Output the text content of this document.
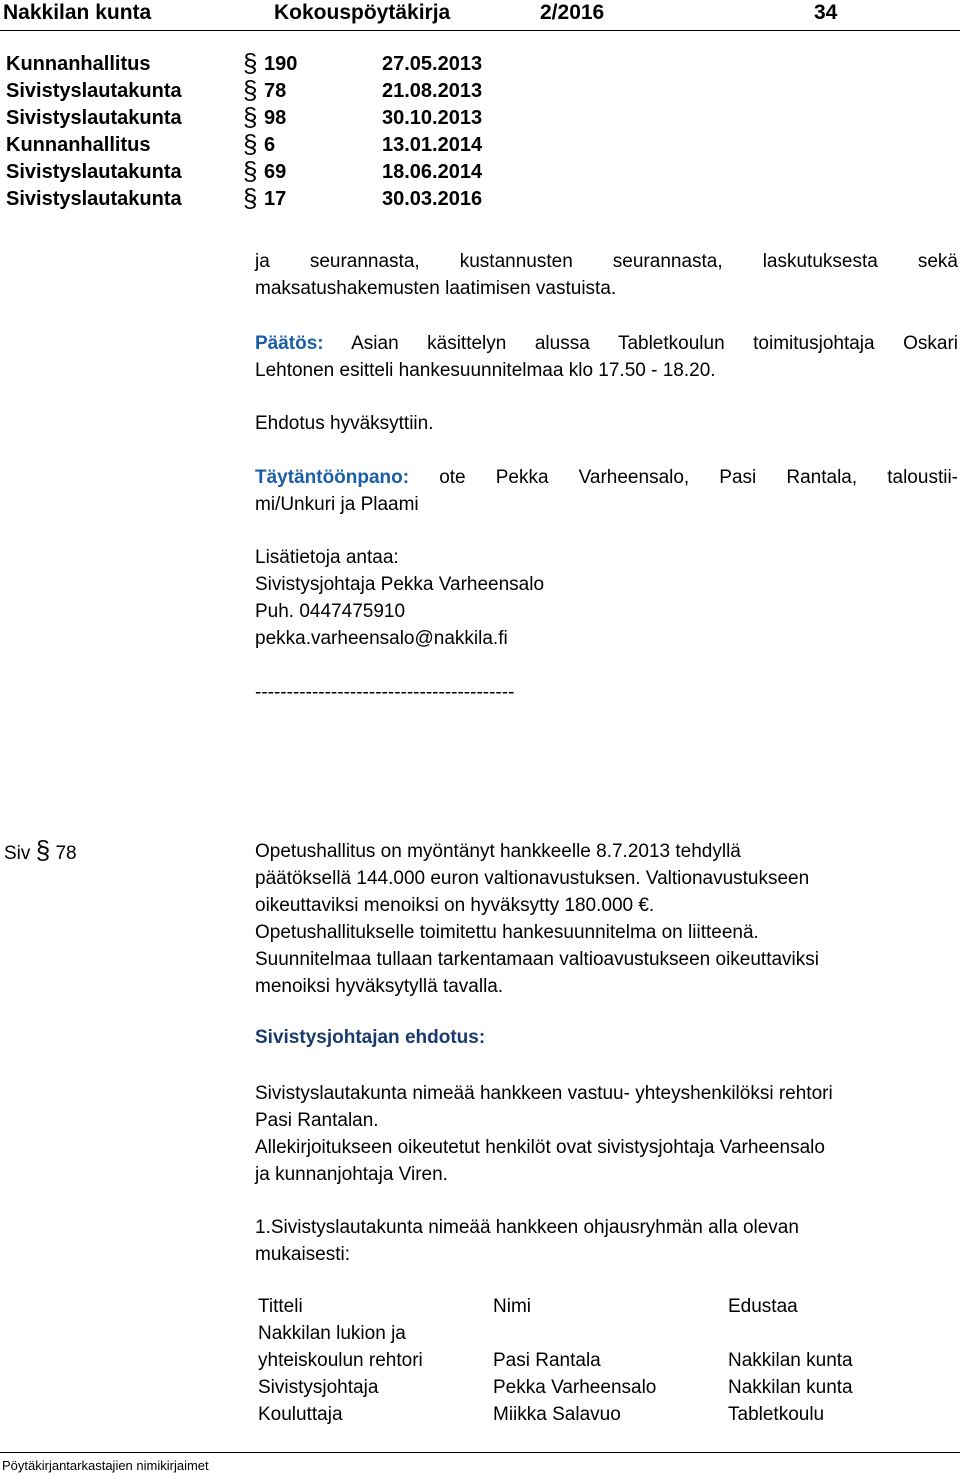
Nakkilan kunta	Kokouspöytäkirja	2/2016	34
Kunnanhallitus	§ 190	27.05.2013
Sivistyslautakunta § 78	21.08.2013
Sivistyslautakunta § 98	30.10.2013
Kunnanhallitus	§ 6	13.01.2014
Sivistyslautakunta § 69	18.06.2014
Sivistyslautakunta § 17	30.03.2016
ja seurannasta, kustannusten seurannasta, laskutuksesta sekä
maksatushakemusten laatimisen vastuista.
Päätös: Asian käsittelyn alussa Tabletkoulun toimitusjohtaja Oskari
Lehtonen esitteli hankesuunnitelmaa klo 17.50 - 18.20.
Ehdotus hyväksyttiin.
Täytäntöönpano: ote Pekka Varheensalo, Pasi Rantala, taloustii-
mi/Unkuri ja Plaami
Lisätietoja antaa:
Sivistysjohtaja Pekka Varheensalo
Puh. 0447475910
pekka.varheensalo@nakkila.fi
-----------------------------------------
Siv § 78	Opetushallitus on myöntänyt hankkeelle 8.7.2013 tehdyllä
päätöksellä 144.000 euron valtionavustuksen. Valtionavustukseen
oikeuttaviksi menoiksi on hyväksytty 180.000 €.
Opetushallitukselle toimitettu hankesuunnitelma on liitteenä.
Suunnitelmaa tullaan tarkentamaan valtioavustukseen oikeuttaviksi
menoiksi hyväksytyllä tavalla.
Sivistysjohtajan ehdotus:
Sivistyslautakunta nimeää hankkeen vastuu- yhteyshenkilöksi rehtori
Pasi Rantalan.
Allekirjoitukseen oikeutetut henkilöt ovat sivistysjohtaja Varheensalo
ja kunnanjohtaja Viren.
1.Sivistyslautakunta nimeää hankkeen ohjausryhmän alla olevan
mukaisesti:
Titteli	Nimi	Edustaa
Nakkilan lukion ja
yhteiskoulun rehtori	Pasi Rantala	Nakkilan kunta
Sivistysjohtaja	Pekka Varheensalo	Nakkilan kunta
Kouluttaja	Miikka Salavuo	Tabletkoulu
Pöytäkirjantarkastajien nimikirjaimet
